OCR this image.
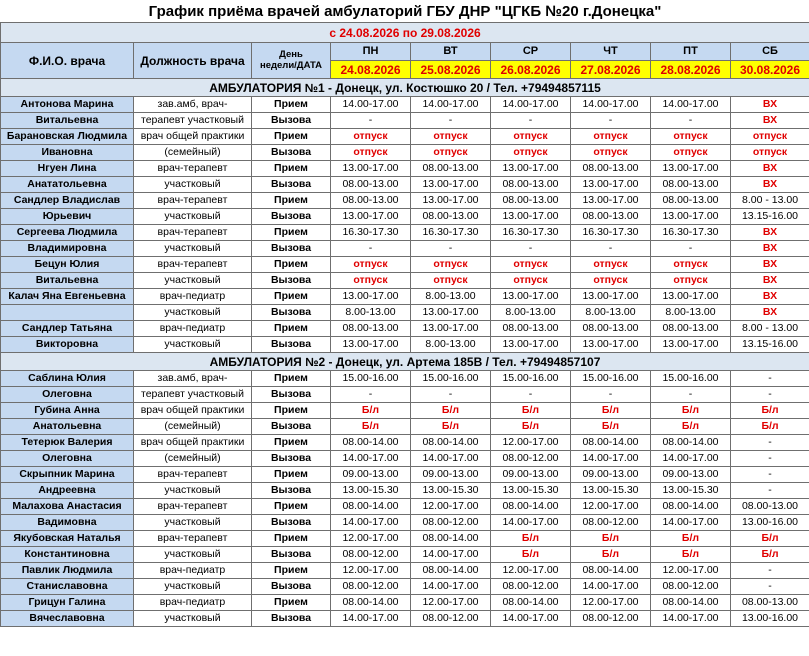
График приёма врачей амбулаторий ГБУ ДНР "ЦГКБ №20 г.Донецка"								
с 24.08.2026 по 29.08.2026								
Ф.И.О. врача	Должность врача	День
недели/ДАТА	ПН	ВТ	СР	ЧТ	ПТ	СБ
			24.08.2026	25.08.2026	26.08.2026	27.08.2026	28.08.2026	30.08.2026
АМБУЛАТОРИЯ №1 - Донецк, ул. Костюшко 20 / Тел. +79494857115								
Антонова Марина	зав.амб, врач-	Прием	14.00-17.00	14.00-17.00	14.00-17.00	14.00-17.00	14.00-17.00	ВХ
Витальевна	терапевт участковый	Вызова	-	-	-	-	-	ВХ
Барановская Людмила	врач общей практики	Прием	отпуск	отпуск	отпуск	отпуск	отпуск	отпуск
Ивановна	(семейный)	Вызова	отпуск	отпуск	отпуск	отпуск	отпуск	отпуск
Нгуен Лина	врач-терапевт	Прием	13.00-17.00	08.00-13.00	13.00-17.00	08.00-13.00	13.00-17.00	ВХ
Анататольевна	участковый	Вызова	08.00-13.00	13.00-17.00	08.00-13.00	13.00-17.00	08.00-13.00	ВХ
Сандлер Владислав	врач-терапевт	Прием	08.00-13.00	13.00-17.00	08.00-13.00	13.00-17.00	08.00-13.00	8.00 - 13.00
Юрьевич	участковый	Вызова	13.00-17.00	08.00-13.00	13.00-17.00	08.00-13.00	13.00-17.00	13.15-16.00
Сергеева Людмила	врач-терапевт	Прием	16.30-17.30	16.30-17.30	16.30-17.30	16.30-17.30	16.30-17.30	ВХ
Владимировна	участковый	Вызова	-	-	-	-	-	ВХ
Бецун Юлия	врач-терапевт	Прием	отпуск	отпуск	отпуск	отпуск	отпуск	ВХ
Витальевна	участковый	Вызова	отпуск	отпуск	отпуск	отпуск	отпуск	ВХ
Калач Яна Евгеньевна	врач-педиатр	Прием	13.00-17.00	8.00-13.00	13.00-17.00	13.00-17.00	13.00-17.00	ВХ
	участковый	Вызова	8.00-13.00	13.00-17.00	8.00-13.00	8.00-13.00	8.00-13.00	ВХ
Сандлер Татьяна	врач-педиатр	Прием	08.00-13.00	13.00-17.00	08.00-13.00	08.00-13.00	08.00-13.00	8.00 - 13.00
Викторовна	участковый	Вызова	13.00-17.00	8.00-13.00	13.00-17.00	13.00-17.00	13.00-17.00	13.15-16.00
АМБУЛАТОРИЯ №2 - Донецк, ул. Артема 185В / Тел. +79494857107								
Саблина Юлия	зав.амб, врач-	Прием	15.00-16.00	15.00-16.00	15.00-16.00	15.00-16.00	15.00-16.00	-
Олеговна	терапевт участковый	Вызова	-	-	-	-	-	-
Губина Анна	врач общей практики	Прием	Б/л	Б/л	Б/л	Б/л	Б/л	Б/л
Анатольевна	(семейный)	Вызова	Б/л	Б/л	Б/л	Б/л	Б/л	Б/л
Тетерюк Валерия	врач общей практики	Прием	08.00-14.00	08.00-14.00	12.00-17.00	08.00-14.00	08.00-14.00	-
Олеговна	(семейный)	Вызова	14.00-17.00	14.00-17.00	08.00-12.00	14.00-17.00	14.00-17.00	-
Скрыпник Марина	врач-терапевт	Прием	09.00-13.00	09.00-13.00	09.00-13.00	09.00-13.00	09.00-13.00	-
Андреевна	участковый	Вызова	13.00-15.30	13.00-15.30	13.00-15.30	13.00-15.30	13.00-15.30	-
Малахова Анастасия	врач-терапевт	Прием	08.00-14.00	12.00-17.00	08.00-14.00	12.00-17.00	08.00-14.00	08.00-13.00
Вадимовна	участковый	Вызова	14.00-17.00	08.00-12.00	14.00-17.00	08.00-12.00	14.00-17.00	13.00-16.00
Якубовская Наталья	врач-терапевт	Прием	12.00-17.00	08.00-14.00	Б/л	Б/л	Б/л	Б/л
Константиновна	участковый	Вызова	08.00-12.00	14.00-17.00	Б/л	Б/л	Б/л	Б/л
Павлик Людмила	врач-педиатр	Прием	12.00-17.00	08.00-14.00	12.00-17.00	08.00-14.00	12.00-17.00	-
Станиславовна	участковый	Вызова	08.00-12.00	14.00-17.00	08.00-12.00	14.00-17.00	08.00-12.00	-
Грицун Галина	врач-педиатр	Прием	08.00-14.00	12.00-17.00	08.00-14.00	12.00-17.00	08.00-14.00	08.00-13.00
Вячеславовна	участковый	Вызова	14.00-17.00	08.00-12.00	14.00-17.00	08.00-12.00	14.00-17.00	13.00-16.00
